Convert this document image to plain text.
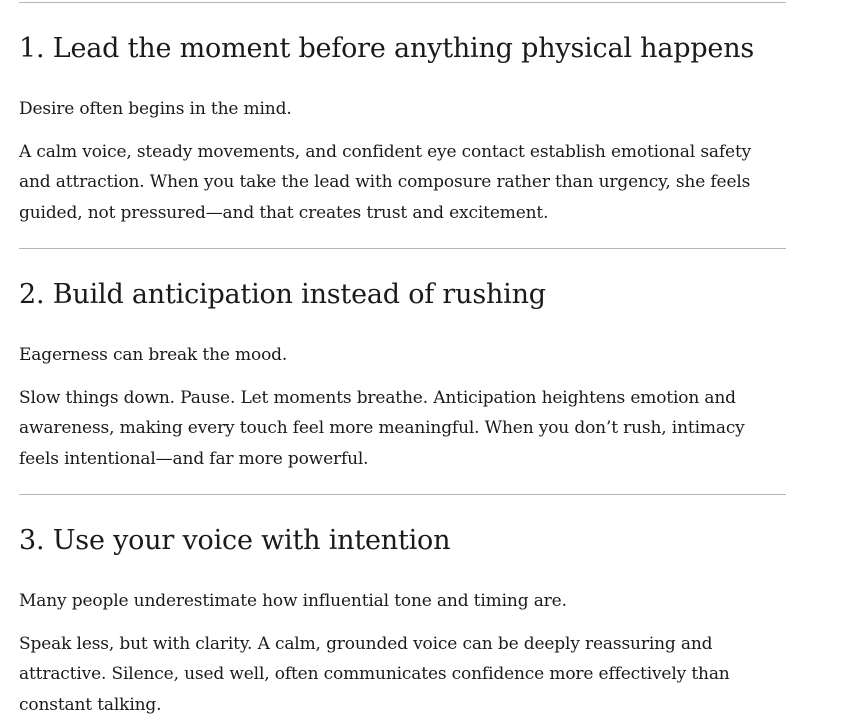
1. Lead the moment before anything physical happens

Desire often begins in the mind.

A calm voice, steady movements, and confident eye contact establish emotional safety and attraction. When you take the lead with composure rather than urgency, she feels guided, not pressured—and that creates trust and excitement.

2. Build anticipation instead of rushing

Eagerness can break the mood.

Slow things down. Pause. Let moments breathe. Anticipation heightens emotion and awareness, making every touch feel more meaningful. When you don’t rush, intimacy feels intentional—and far more powerful.

3. Use your voice with intention

Many people underestimate how influential tone and timing are.

Speak less, but with clarity. A calm, grounded voice can be deeply reassuring and attractive. Silence, used well, often communicates confidence more effectively than constant talking.
